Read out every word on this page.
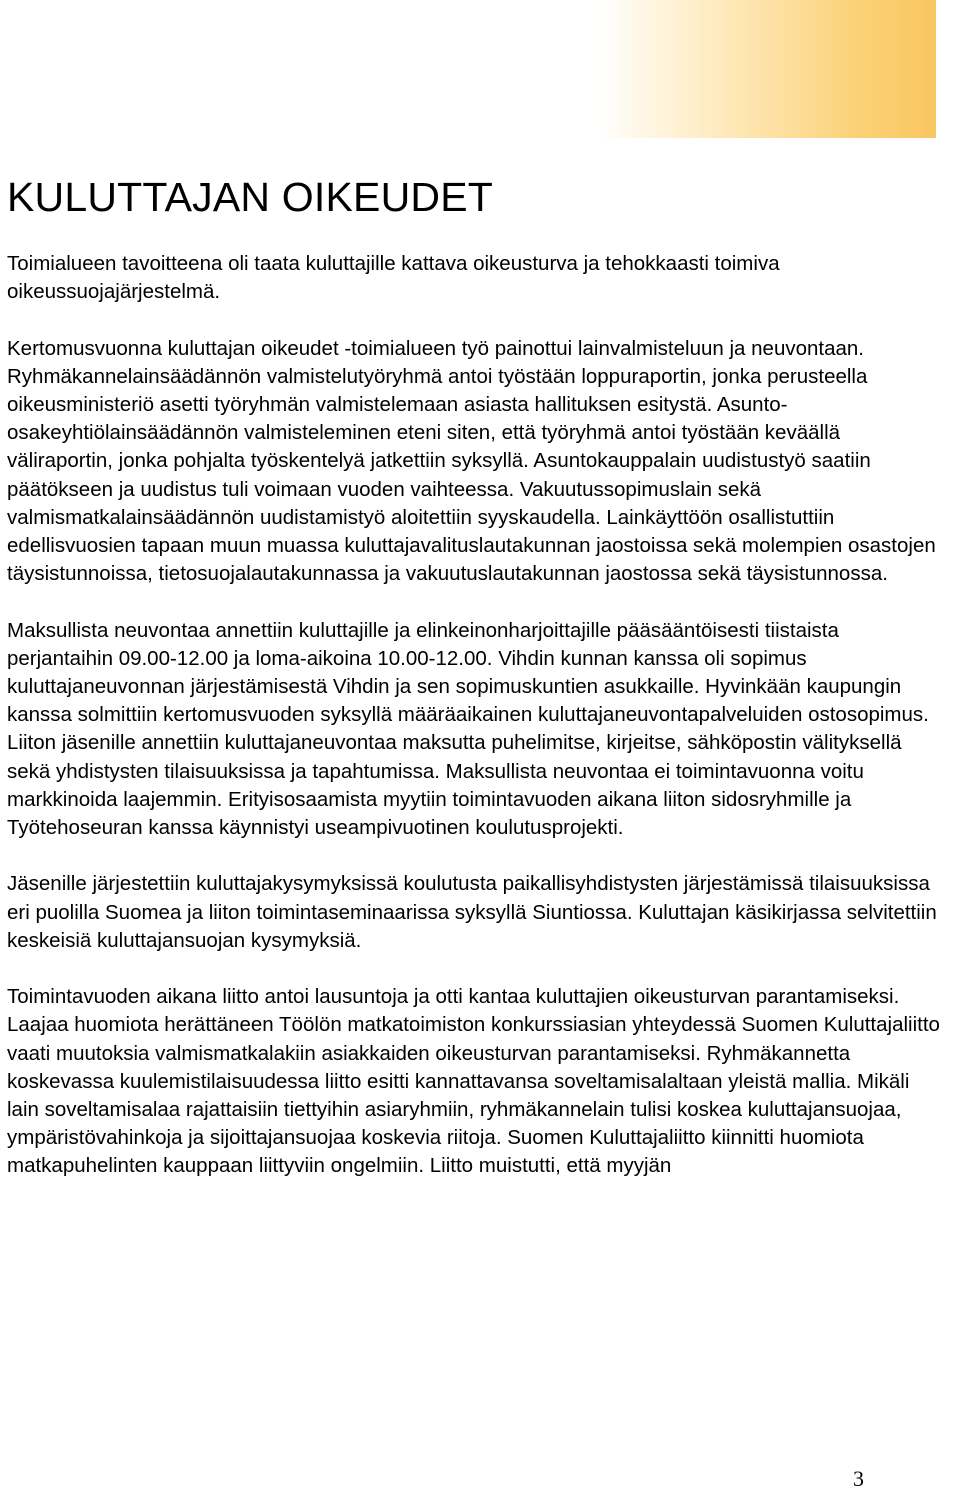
KULUTTAJAN OIKEUDET

Toimialueen tavoitteena oli taata kuluttajille kattava oikeusturva ja tehokkaasti toimiva oikeussuojajärjestelmä.

Kertomusvuonna kuluttajan oikeudet -toimialueen työ painottui lainvalmisteluun ja neuvontaan. Ryhmäkannelainsäädännön valmistelutyöryhmä antoi työstään loppuraportin, jonka perusteella oikeusministeriö asetti työryhmän valmistelemaan asiasta hallituksen esitystä. Asunto-osakeyhtiölainsäädännön valmisteleminen eteni siten, että työryhmä antoi työstään keväällä väliraportin, jonka pohjalta työskentelyä jatkettiin syksyllä. Asuntokauppalain uudistustyö saatiin päätökseen ja uudistus tuli voimaan vuoden vaihteessa. Vakuutussopimuslain sekä valmismatkalainsäädännön uudistamistyö aloitettiin syyskaudella. Lainkäyttöön osallistuttiin edellisvuosien tapaan muun muassa kuluttajavalituslautakunnan jaostoissa sekä molempien osastojen täysistunnoissa, tietosuojalautakunnassa ja vakuutuslautakunnan jaostossa sekä täysistunnossa.

Maksullista neuvontaa annettiin kuluttajille ja elinkeinonharjoittajille pääsääntöisesti tiistaista perjantaihin 09.00-12.00 ja loma-aikoina 10.00-12.00. Vihdin kunnan kanssa oli sopimus kuluttajaneuvonnan järjestämisestä Vihdin ja sen sopimuskuntien asukkaille. Hyvinkään kaupungin kanssa solmittiin kertomusvuoden syksyllä määräaikainen kuluttajaneuvontapalveluiden ostosopimus. Liiton jäsenille annettiin kuluttajaneuvontaa maksutta puhelimitse, kirjeitse, sähköpostin välityksellä sekä yhdistysten tilaisuuksissa ja tapahtumissa. Maksullista neuvontaa ei toimintavuonna voitu markkinoida laajemmin. Erityisosaamista myytiin toimintavuoden aikana liiton sidosryhmille ja Työtehoseuran kanssa käynnistyi useampivuotinen koulutusprojekti.

Jäsenille järjestettiin kuluttajakysymyksissä koulutusta paikallisyhdistysten järjestämissä tilaisuuksissa eri puolilla Suomea ja liiton toimintaseminaarissa syksyllä Siuntiossa. Kuluttajan käsikirjassa selvitettiin keskeisiä kuluttajansuojan kysymyksiä.

Toimintavuoden aikana liitto antoi lausuntoja ja otti kantaa kuluttajien oikeusturvan parantamiseksi. Laajaa huomiota herättäneen Töölön matkatoimiston konkurssiasian yhteydessä Suomen Kuluttajaliitto vaati muutoksia valmismatkalakiin asiakkaiden oikeusturvan parantamiseksi. Ryhmäkannetta koskevassa kuulemistilaisuudessa liitto esitti kannattavansa soveltamisalaltaan yleistä mallia. Mikäli lain soveltamisalaa rajattaisiin tiettyihin asiaryhmiin, ryhmäkannelain tulisi koskea kuluttajansuojaa, ympäristövahinkoja ja sijoittajansuojaa koskevia riitoja. Suomen Kuluttajaliitto kiinnitti huomiota matkapuhelinten kauppaan liittyviin ongelmiin. Liitto muistutti, että myyjän

3
